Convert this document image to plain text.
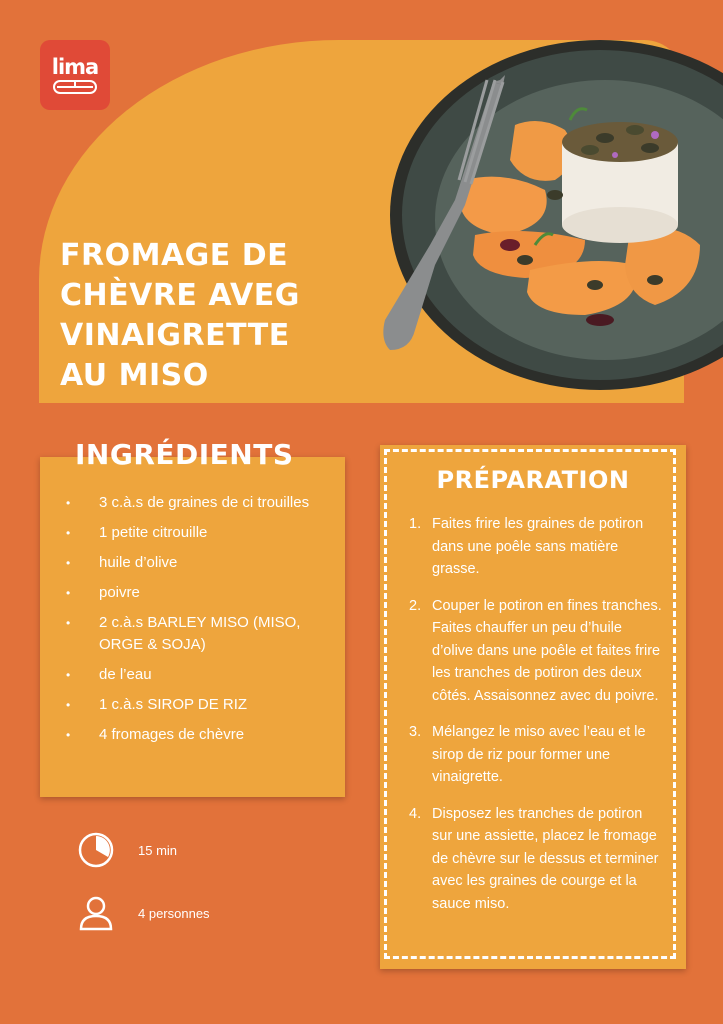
lima
FROMAGE DE
CHÈVRE AVEG
VINAIGRETTE
AU MISO
• 3 c.à.s de graines de ci trouilles
• 1 petite citrouille
• huile d’olive
• poivre
• 2 c.à.s BARLEY MISO (MISO, ORGE & SOJA)
• de l’eau
• 1 c.à.s SIROP DE RIZ
• 4 fromages de chèvre
INGRÉDIENTS
15 min
4 personnes
PRÉPARATION
1. Faites frire les graines de potiron dans une poêle sans matière grasse.
2. Couper le potiron en fines tranches. Faites chauffer un peu d’huile d’olive dans une poêle et faites frire les tranches de potiron des deux côtés. Assaisonnez avec du poivre.
3. Mélangez le miso avec l’eau et le sirop de riz pour former une vinaigrette.
4. Disposez les tranches de potiron sur une assiette, placez le fromage de chèvre sur le dessus et terminer avec les graines de courge et la sauce miso.
